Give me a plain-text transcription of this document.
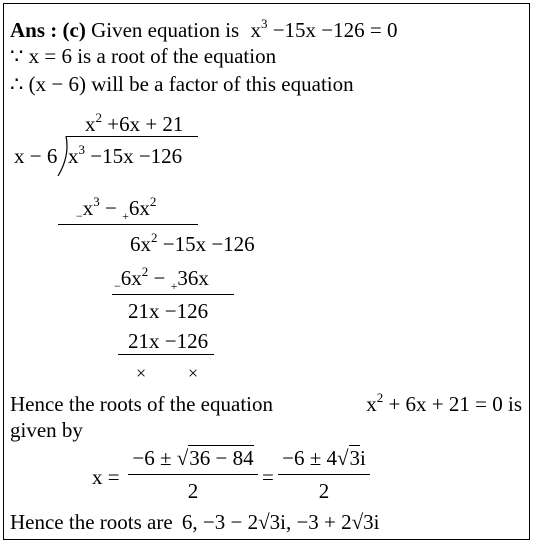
Ans : (c) Given equation is $x^3 -15x -126 = 0$
∵ x = 6 is a root of the equation
∴ (x − 6) will be a factor of this equation
$x^2 +6x + 21$
x − 6 $x^3 -15x -126$
$_-x^3 - _+6x^2$
$6x^2 -15x -126$
$_-6x^2 - _+36x$
21x −126
21x −126
× ×
Hence the roots of the equation	$x^2 + 6x + 21 = 0$ is
given by
x =
−6 ± √36 − 84
2
=
−6 ± 4√3i
2
Hence the roots are 6, −3 − 2√3i, −3 + 2√3i
